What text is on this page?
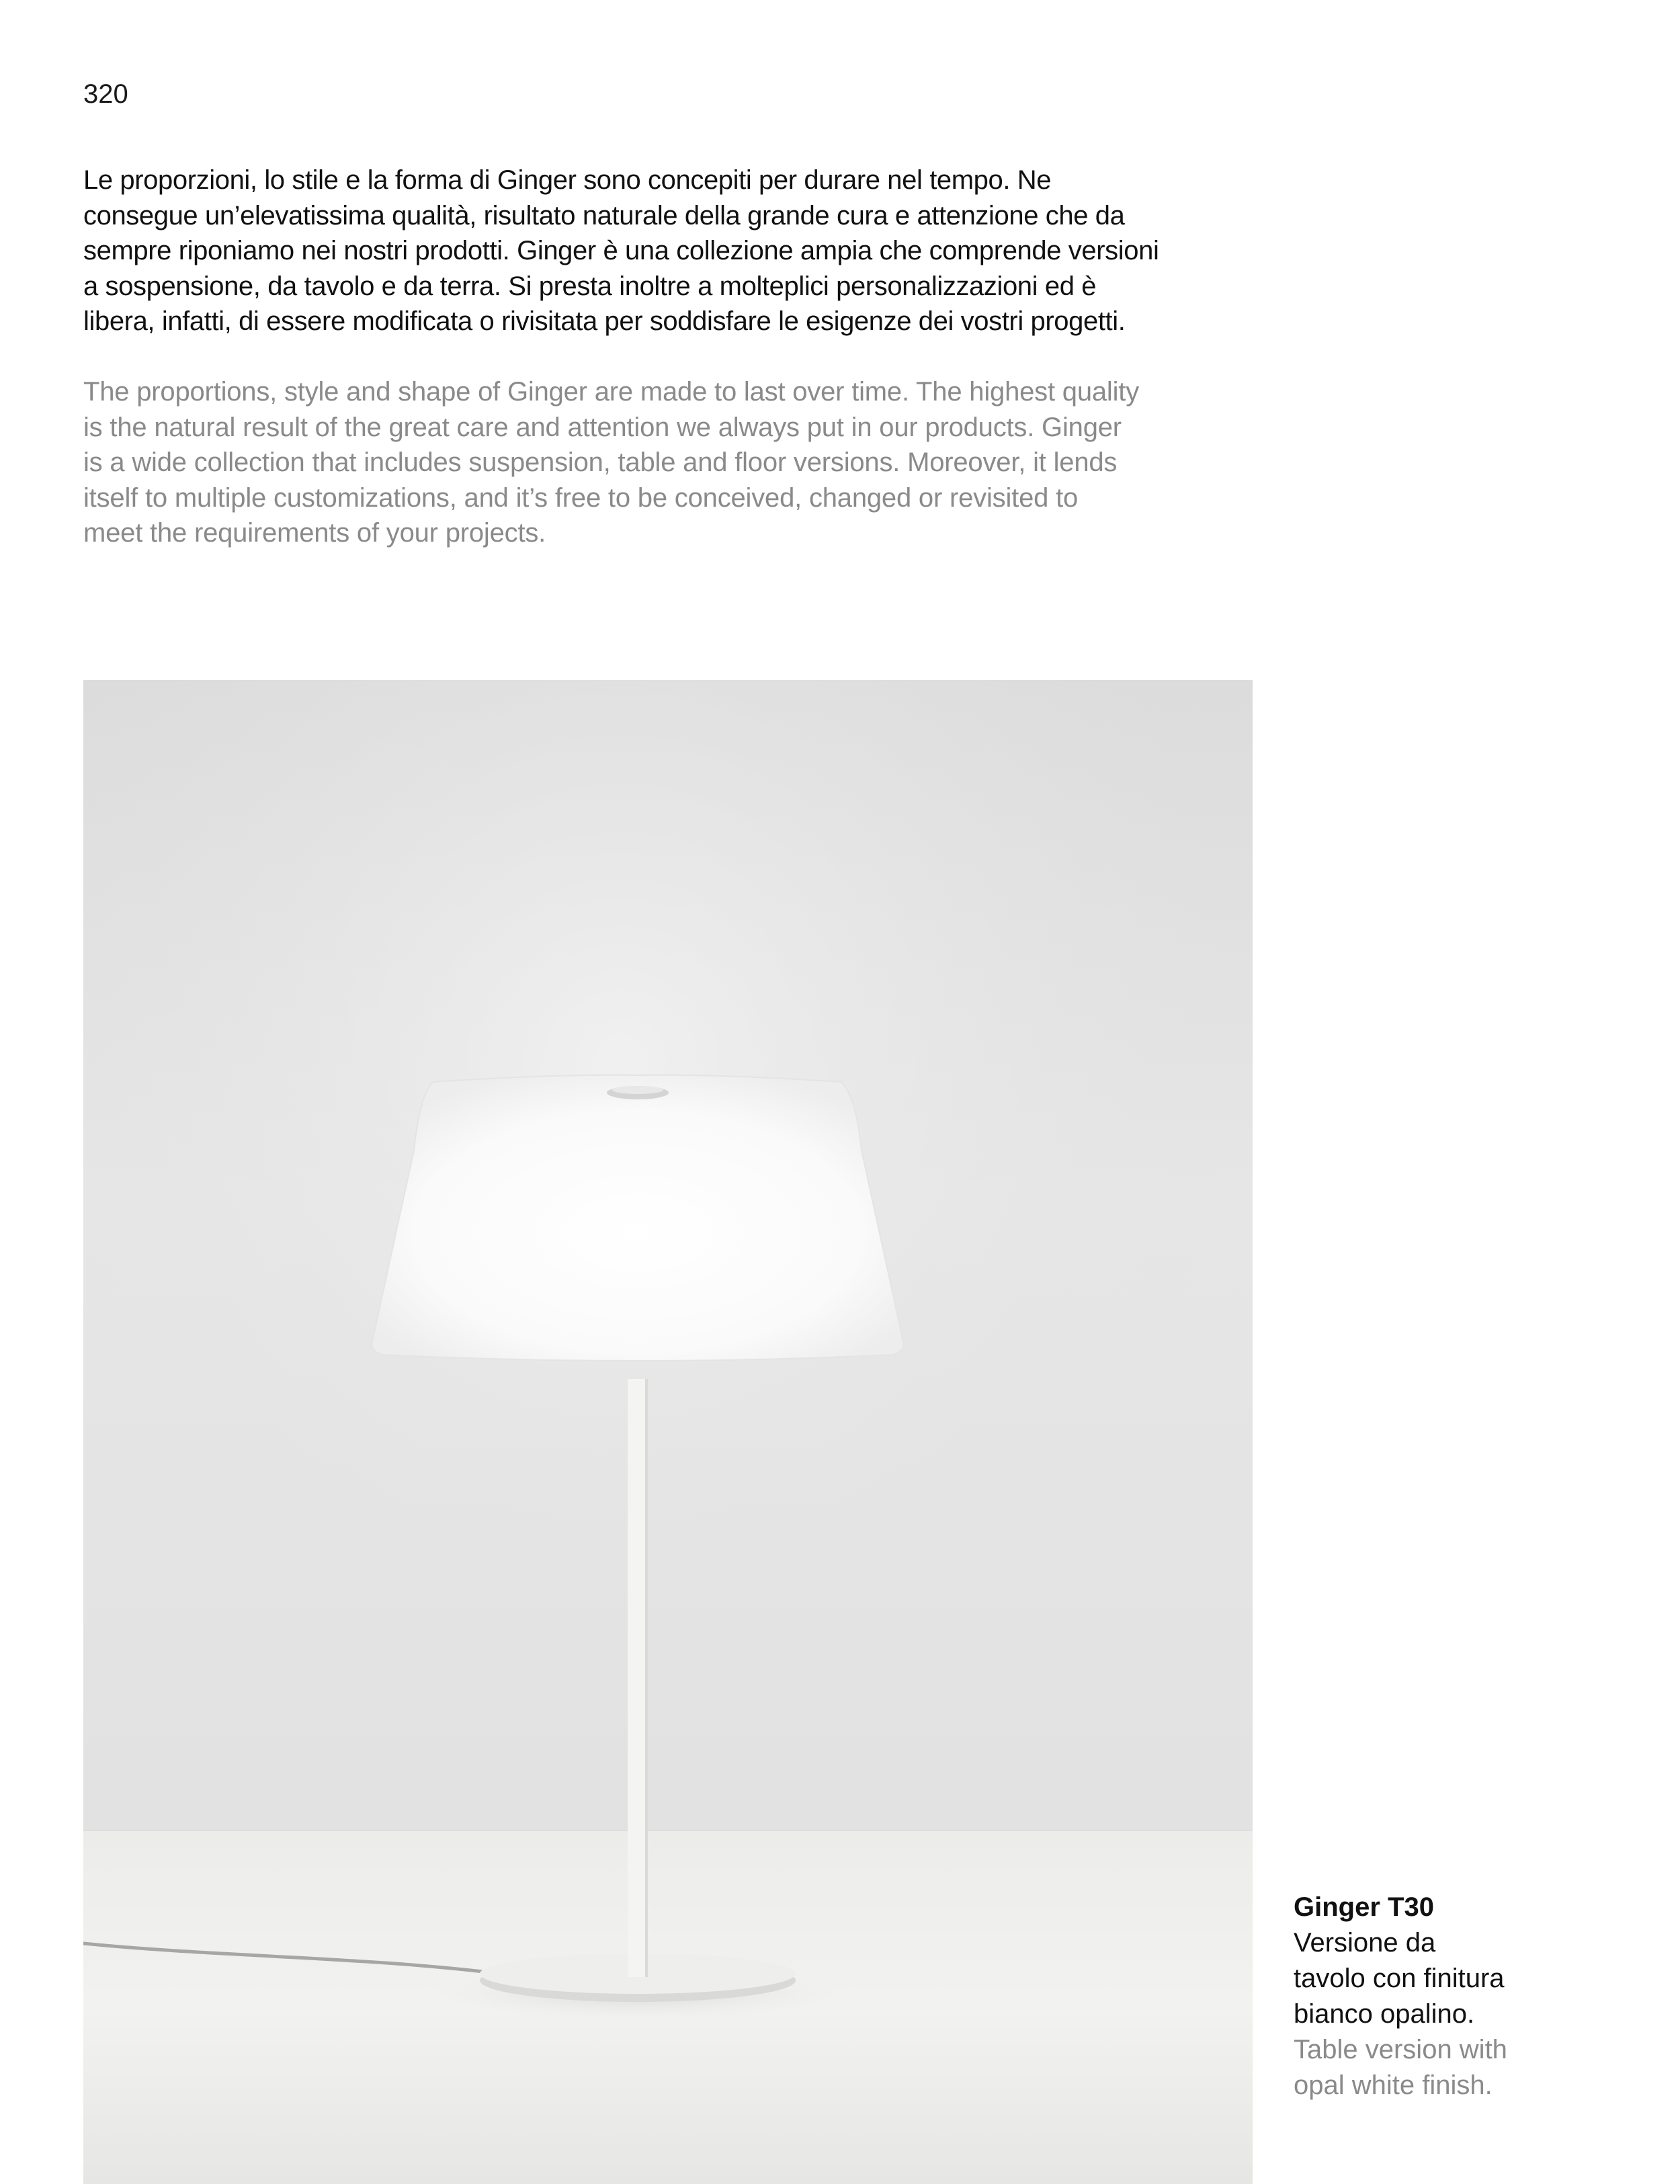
320

Le proporzioni, lo stile e la forma di Ginger sono concepiti per durare nel tempo. Ne
consegue un’elevatissima qualità, risultato naturale della grande cura e attenzione che da
sempre riponiamo nei nostri prodotti. Ginger è una collezione ampia che comprende versioni
a sospensione, da tavolo e da terra. Si presta inoltre a molteplici personalizzazioni ed è
libera, infatti, di essere modificata o rivisitata per soddisfare le esigenze dei vostri progetti.

The proportions, style and shape of Ginger are made to last over time. The highest quality
is the natural result of the great care and attention we always put in our products. Ginger
is a wide collection that includes suspension, table and floor versions. Moreover, it lends
itself to multiple customizations, and it’s free to be conceived, changed or revisited to
meet the requirements of your projects.

Ginger T30
Versione da
tavolo con finitura
bianco opalino.
Table version with
opal white finish.
